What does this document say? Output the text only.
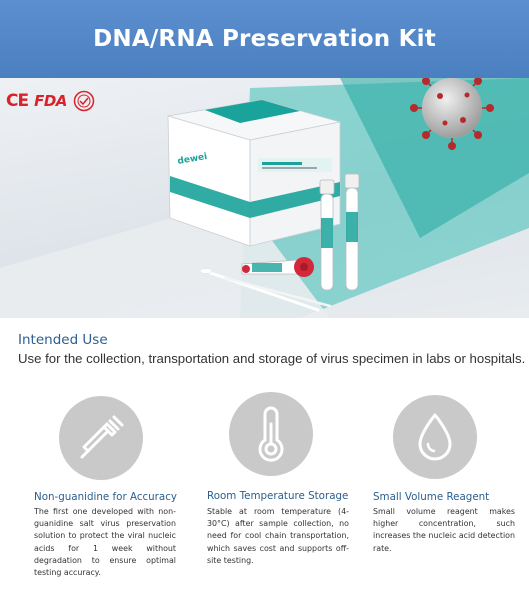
DNA/RNA Preservation Kit
dewei
CE FDA
Intended Use
Use for the collection, transportation and storage of virus specimen in labs or hospitals.
Non-guanidine for Accuracy
The first one developed with non-guanidine salt virus preservation solution to protect the viral nucleic acids for 1 week without degradation to ensure optimal testing accuracy.
Room Temperature Storage
Stable at room temperature (4-30°C) after sample collection, no need for cool chain transportation, which saves cost and supports off-site testing.
Small Volume Reagent
Small volume reagent makes higher concentration, such increases the nucleic acid detection rate.
